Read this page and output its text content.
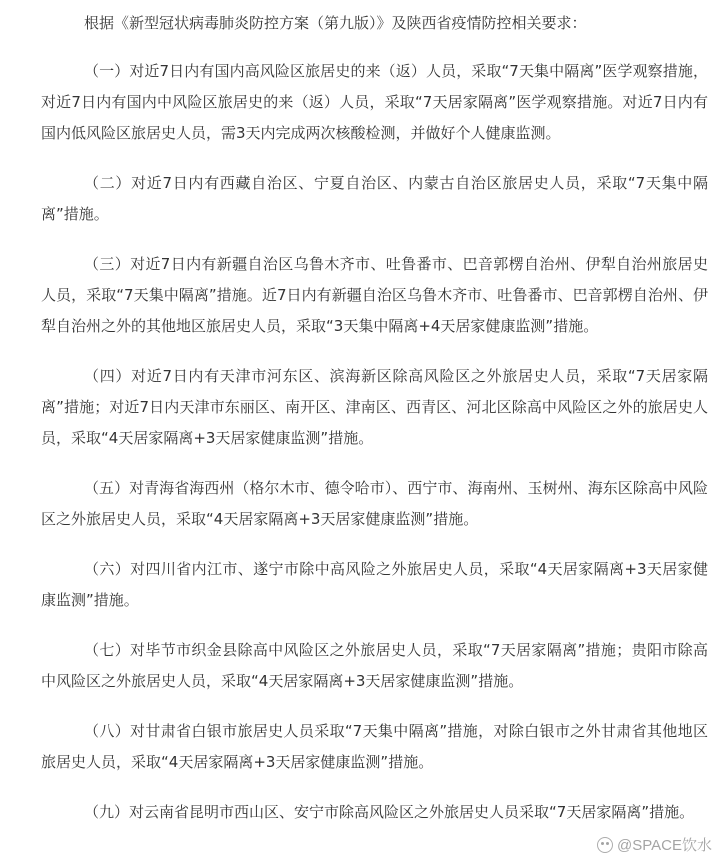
根据《新型冠状病毒肺炎防控方案（第九版）》及陕西省疫情防控相关要求：

（一）对近7日内有国内高风险区旅居史的来（返）人员，采取“7天集中隔离”医学观察措施，对近7日内有国内中风险区旅居史的来（返）人员，采取“7天居家隔离”医学观察措施。对近7日内有国内低风险区旅居史人员，需3天内完成两次核酸检测，并做好个人健康监测。

（二）对近7日内有西藏自治区、宁夏自治区、内蒙古自治区旅居史人员，采取“7天集中隔离”措施。

（三）对近7日内有新疆自治区乌鲁木齐市、吐鲁番市、巴音郭楞自治州、伊犁自治州旅居史人员，采取“7天集中隔离”措施。近7日内有新疆自治区乌鲁木齐市、吐鲁番市、巴音郭楞自治州、伊犁自治州之外的其他地区旅居史人员，采取“3天集中隔离+4天居家健康监测”措施。

（四）对近7日内有天津市河东区、滨海新区除高风险区之外旅居史人员，采取“7天居家隔离”措施；对近7日内天津市东丽区、南开区、津南区、西青区、河北区除高中风险区之外的旅居史人员，采取“4天居家隔离+3天居家健康监测”措施。

（五）对青海省海西州（格尔木市、德令哈市）、西宁市、海南州、玉树州、海东区除高中风险区之外旅居史人员，采取“4天居家隔离+3天居家健康监测”措施。

（六）对四川省内江市、遂宁市除中高风险之外旅居史人员，采取“4天居家隔离+3天居家健康监测”措施。

（七）对毕节市织金县除高中风险区之外旅居史人员，采取“7天居家隔离”措施；贵阳市除高中风险区之外旅居史人员，采取“4天居家隔离+3天居家健康监测”措施。

（八）对甘肃省白银市旅居史人员采取“7天集中隔离”措施，对除白银市之外甘肃省其他地区旅居史人员，采取“4天居家隔离+3天居家健康监测”措施。

（九）对云南省昆明市西山区、安宁市除高风险区之外旅居史人员采取“7天居家隔离”措施。

@SPACE饮水
